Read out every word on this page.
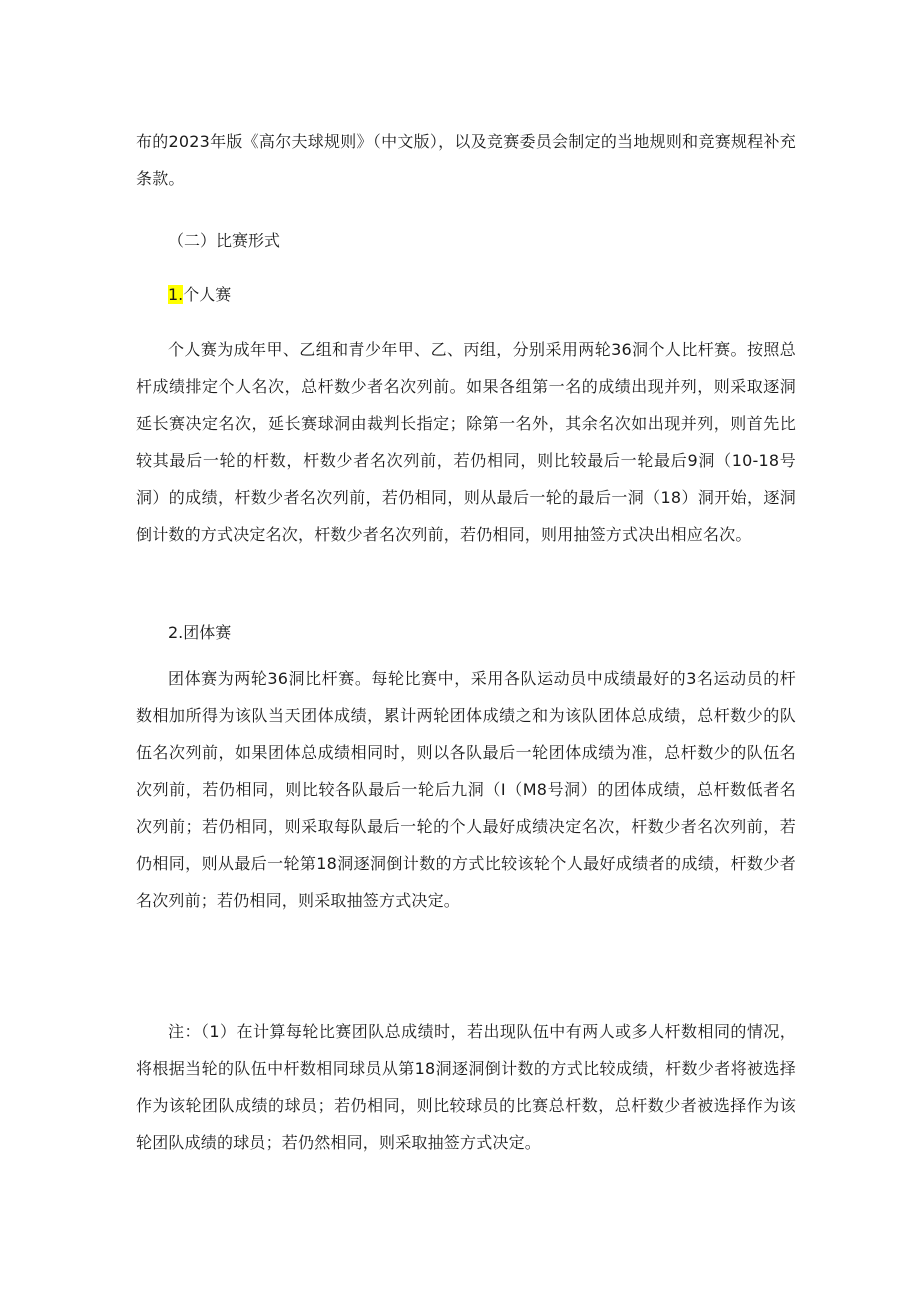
布的2023年版《高尔夫球规则》（中文版），以及竞赛委员会制定的当地规则和竞赛规程补充条款。

（二）比赛形式

1.个人赛

个人赛为成年甲、乙组和青少年甲、乙、丙组，分别采用两轮36洞个人比杆赛。按照总杆成绩排定个人名次，总杆数少者名次列前。如果各组第一名的成绩出现并列，则采取逐洞延长赛决定名次，延长赛球洞由裁判长指定；除第一名外，其余名次如出现并列，则首先比较其最后一轮的杆数，杆数少者名次列前，若仍相同，则比较最后一轮最后9洞（10-18号洞）的成绩，杆数少者名次列前，若仍相同，则从最后一轮的最后一洞（18）洞开始，逐洞倒计数的方式决定名次，杆数少者名次列前，若仍相同，则用抽签方式决出相应名次。

2.团体赛

团体赛为两轮36洞比杆赛。每轮比赛中，采用各队运动员中成绩最好的3名运动员的杆数相加所得为该队当天团体成绩，累计两轮团体成绩之和为该队团体总成绩，总杆数少的队伍名次列前，如果团体总成绩相同时，则以各队最后一轮团体成绩为准，总杆数少的队伍名次列前，若仍相同，则比较各队最后一轮后九洞（I（M8号洞）的团体成绩，总杆数低者名次列前；若仍相同，则采取每队最后一轮的个人最好成绩决定名次，杆数少者名次列前，若仍相同，则从最后一轮第18洞逐洞倒计数的方式比较该轮个人最好成绩者的成绩，杆数少者名次列前；若仍相同，则采取抽签方式决定。

注：（1）在计算每轮比赛团队总成绩时，若出现队伍中有两人或多人杆数相同的情况，将根据当轮的队伍中杆数相同球员从第18洞逐洞倒计数的方式比较成绩，杆数少者将被选择作为该轮团队成绩的球员；若仍相同，则比较球员的比赛总杆数，总杆数少者被选择作为该轮团队成绩的球员；若仍然相同，则采取抽签方式决定。
